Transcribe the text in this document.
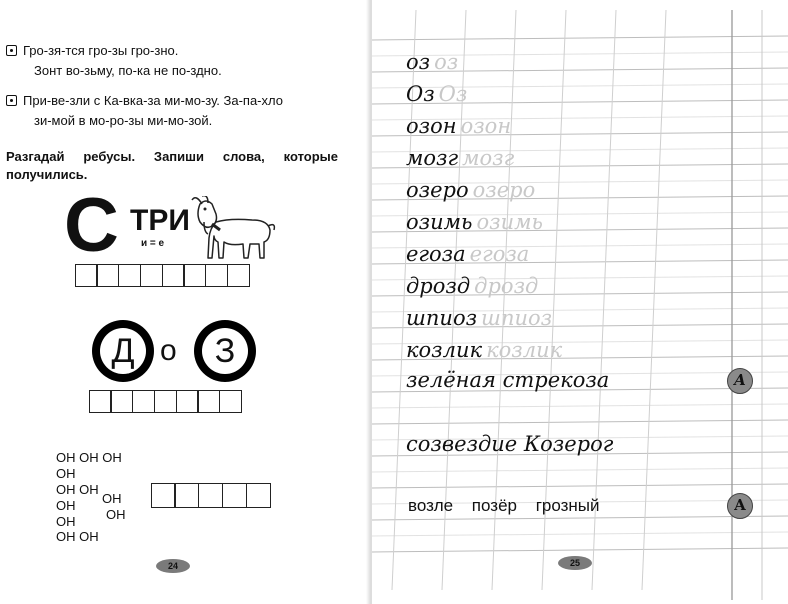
Гро-зя-тся гро-зы гро-зно.
Зонт во-зьму, по-ка не по-здно.
При-ве-зли с Ка-вка-за ми-мо-зу. За-па-хло
зи-мой в мо-ро-зы ми-мо-зой.
Разгадай ребусы. Запиши слова, которые получились.
С ТРИ
и = е
Д о	З
ОН ОН ОН
ОН
ОН ОН
ОН
ОН
ОН
ОН ОН
ОН
24
оз оз
Оз Оз
озон озон
мозг мозг
озеро озеро
озимь озимь
егоза егоза
дрозд дрозд
шпиоз шпиоз
козлик козлик
зелёная стрекоза	А
созвездие Козерог
возле позёр грозный	А
25
